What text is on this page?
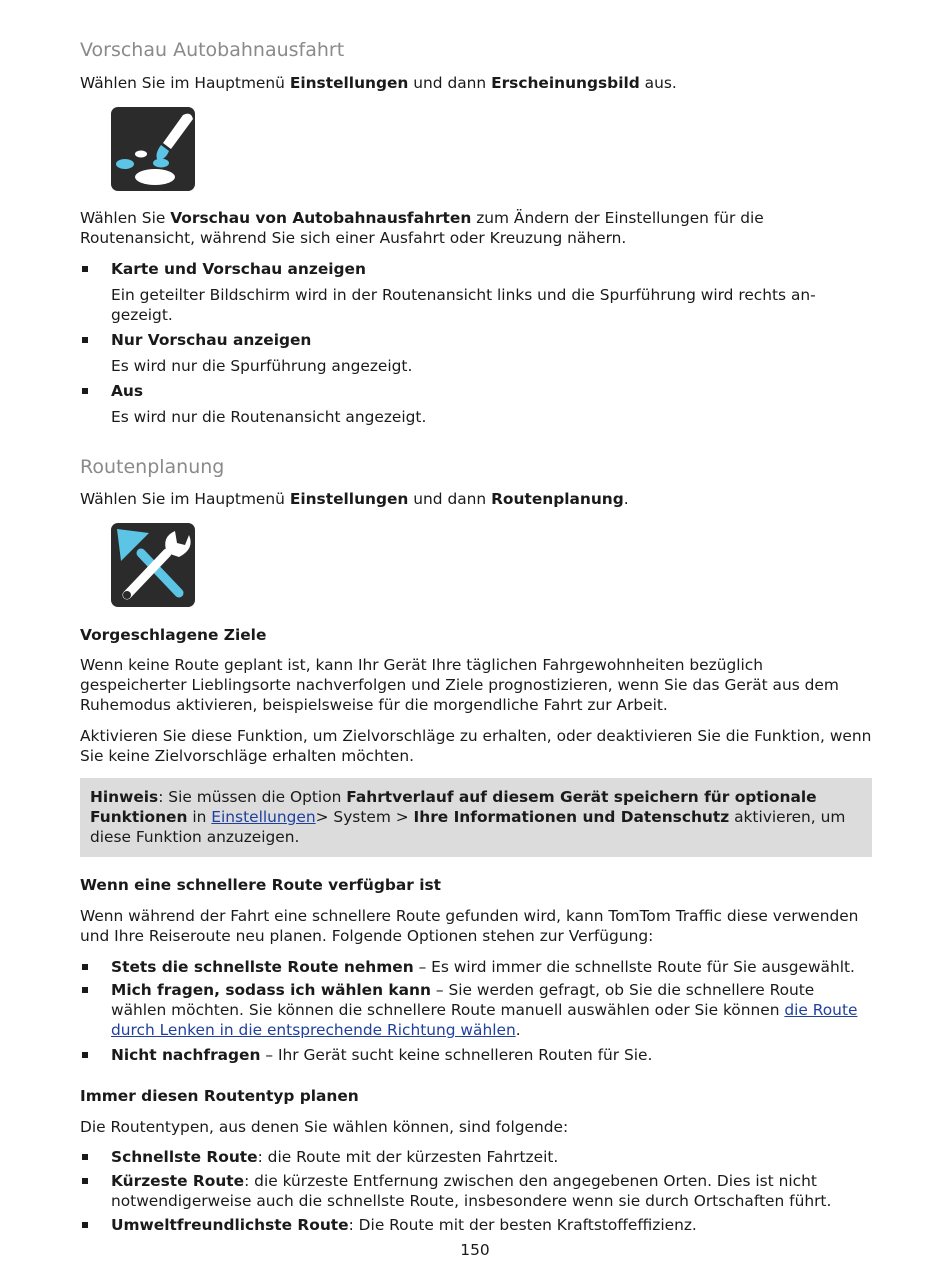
Vorschau Autobahnausfahrt

Wählen Sie im Hauptmenü Einstellungen und dann Erscheinungsbild aus.

Wählen Sie Vorschau von Autobahnausfahrten zum Ändern der Einstellungen für die Routenansicht, während Sie sich einer Ausfahrt oder Kreuzung nähern.

Karte und Vorschau anzeigen

Ein geteilter Bildschirm wird in der Routenansicht links und die Spurführung wird rechts an-gezeigt.

Nur Vorschau anzeigen

Es wird nur die Spurführung angezeigt.

Aus

Es wird nur die Routenansicht angezeigt.

Routenplanung

Wählen Sie im Hauptmenü Einstellungen und dann Routenplanung.

Vorgeschlagene Ziele

Wenn keine Route geplant ist, kann Ihr Gerät Ihre täglichen Fahrgewohnheiten bezüglich gespeicherter Lieblingsorte nachverfolgen und Ziele prognostizieren, wenn Sie das Gerät aus dem Ruhemodus aktivieren, beispielsweise für die morgendliche Fahrt zur Arbeit.

Aktivieren Sie diese Funktion, um Zielvorschläge zu erhalten, oder deaktivieren Sie die Funktion, wenn Sie keine Zielvorschläge erhalten möchten.

Hinweis: Sie müssen die Option Fahrtverlauf auf diesem Gerät speichern für optionale Funktionen in Einstellungen> System > Ihre Informationen und Datenschutz aktivieren, um diese Funktion anzuzeigen.

Wenn eine schnellere Route verfügbar ist

Wenn während der Fahrt eine schnellere Route gefunden wird, kann TomTom Traffic diese verwenden und Ihre Reiseroute neu planen. Folgende Optionen stehen zur Verfügung:

Stets die schnellste Route nehmen – Es wird immer die schnellste Route für Sie ausgewählt.
Mich fragen, sodass ich wählen kann – Sie werden gefragt, ob Sie die schnellere Route wählen möchten. Sie können die schnellere Route manuell auswählen oder Sie können die Route durch Lenken in die entsprechende Richtung wählen.
Nicht nachfragen – Ihr Gerät sucht keine schnelleren Routen für Sie.

Immer diesen Routentyp planen

Die Routentypen, aus denen Sie wählen können, sind folgende:

Schnellste Route: die Route mit der kürzesten Fahrtzeit.
Kürzeste Route: die kürzeste Entfernung zwischen den angegebenen Orten. Dies ist nicht notwendigerweise auch die schnellste Route, insbesondere wenn sie durch Ortschaften führt.
Umweltfreundlichste Route: Die Route mit der besten Kraftstoffeffizienz.
150
